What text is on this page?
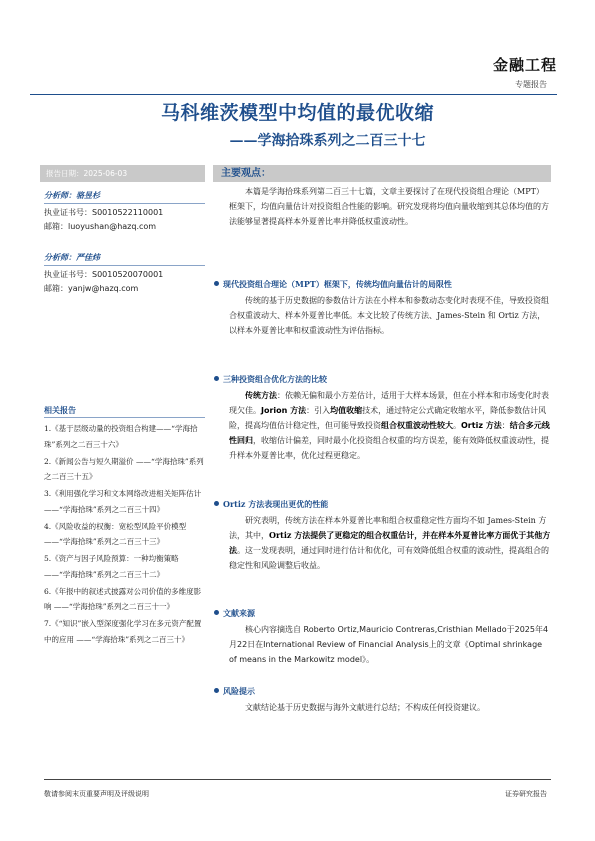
金融工程
专题报告
马科维茨模型中均值的最优收缩
——学海拾珠系列之二百三十七
报告日期：2025-06-03
分析师：骆昱杉
执业证书号：S0010522110001
邮箱：luoyushan@hazq.com
分析师：严佳炜
执业证书号：S0010520070001
邮箱：yanjw@hazq.com
相关报告
1.《基于层级动量的投资组合构建——“学海拾珠”系列之二百三十六》
2.《新闻公告与短久期溢价 ——“学海拾珠”系列之二百三十五》
3.《利用强化学习和文本网络改进相关矩阵估计 ——“学海拾珠”系列之二百三十四》
4.《风险收益的权衡：宽松型风险平价模型 ——“学海拾珠”系列之二百三十三》
5.《资产与因子风险预算：一种均衡策略 ——“学海拾珠”系列之二百三十二》
6.《年报中的叙述式披露对公司价值的多维度影响 ——“学海拾珠”系列之二百三十一》
7.《“知识”嵌入型深度强化学习在多元资产配置中的应用 ——“学海拾珠”系列之二百三十》
主要观点：
本篇是学海拾珠系列第二百三十七篇，文章主要探讨了在现代投资组合理论（MPT）框架下，均值向量估计对投资组合性能的影响。研究发现将均值向量收缩到其总体均值的方法能够显著提高样本外夏普比率并降低权重波动性。
现代投资组合理论（MPT）框架下，传统均值向量估计的局限性
传统的基于历史数据的参数估计方法在小样本和参数动态变化时表现不佳，导致投资组合权重波动大、样本外夏普比率低。本文比较了传统方法、James-Stein 和 Ortiz 方法，以样本外夏普比率和权重波动性为评估指标。
三种投资组合优化方法的比较
传统方法：依赖无偏和最小方差估计，适用于大样本场景，但在小样本和市场变化时表现欠佳。Jorion 方法：引入均值收缩技术，通过特定公式确定收缩水平，降低参数估计风险，提高均值估计稳定性，但可能导致投资组合权重波动性较大。Ortiz 方法：结合多元线性回归，收缩估计偏差，同时最小化投资组合权重的均方误差，能有效降低权重波动性，提升样本外夏普比率，优化过程更稳定。
Ortiz 方法表现出更优的性能
研究表明，传统方法在样本外夏普比率和组合权重稳定性方面均不如 James-Stein 方法，其中，Ortiz 方法提供了更稳定的组合权重估计，并在样本外夏普比率方面优于其他方法。这一发现表明，通过同时进行估计和优化，可有效降低组合权重的波动性，提高组合的稳定性和风险调整后收益。
文献来源
核心内容摘选自 Roberto Ortiz,Mauricio Contreras,Cristhian Mellado于2025年4月22日在International Review of Financial Analysis上的文章《Optimal shrinkage of means in the Markowitz model》。
风险提示
文献结论基于历史数据与海外文献进行总结；不构成任何投资建议。
敬请参阅末页重要声明及评级说明	证券研究报告
